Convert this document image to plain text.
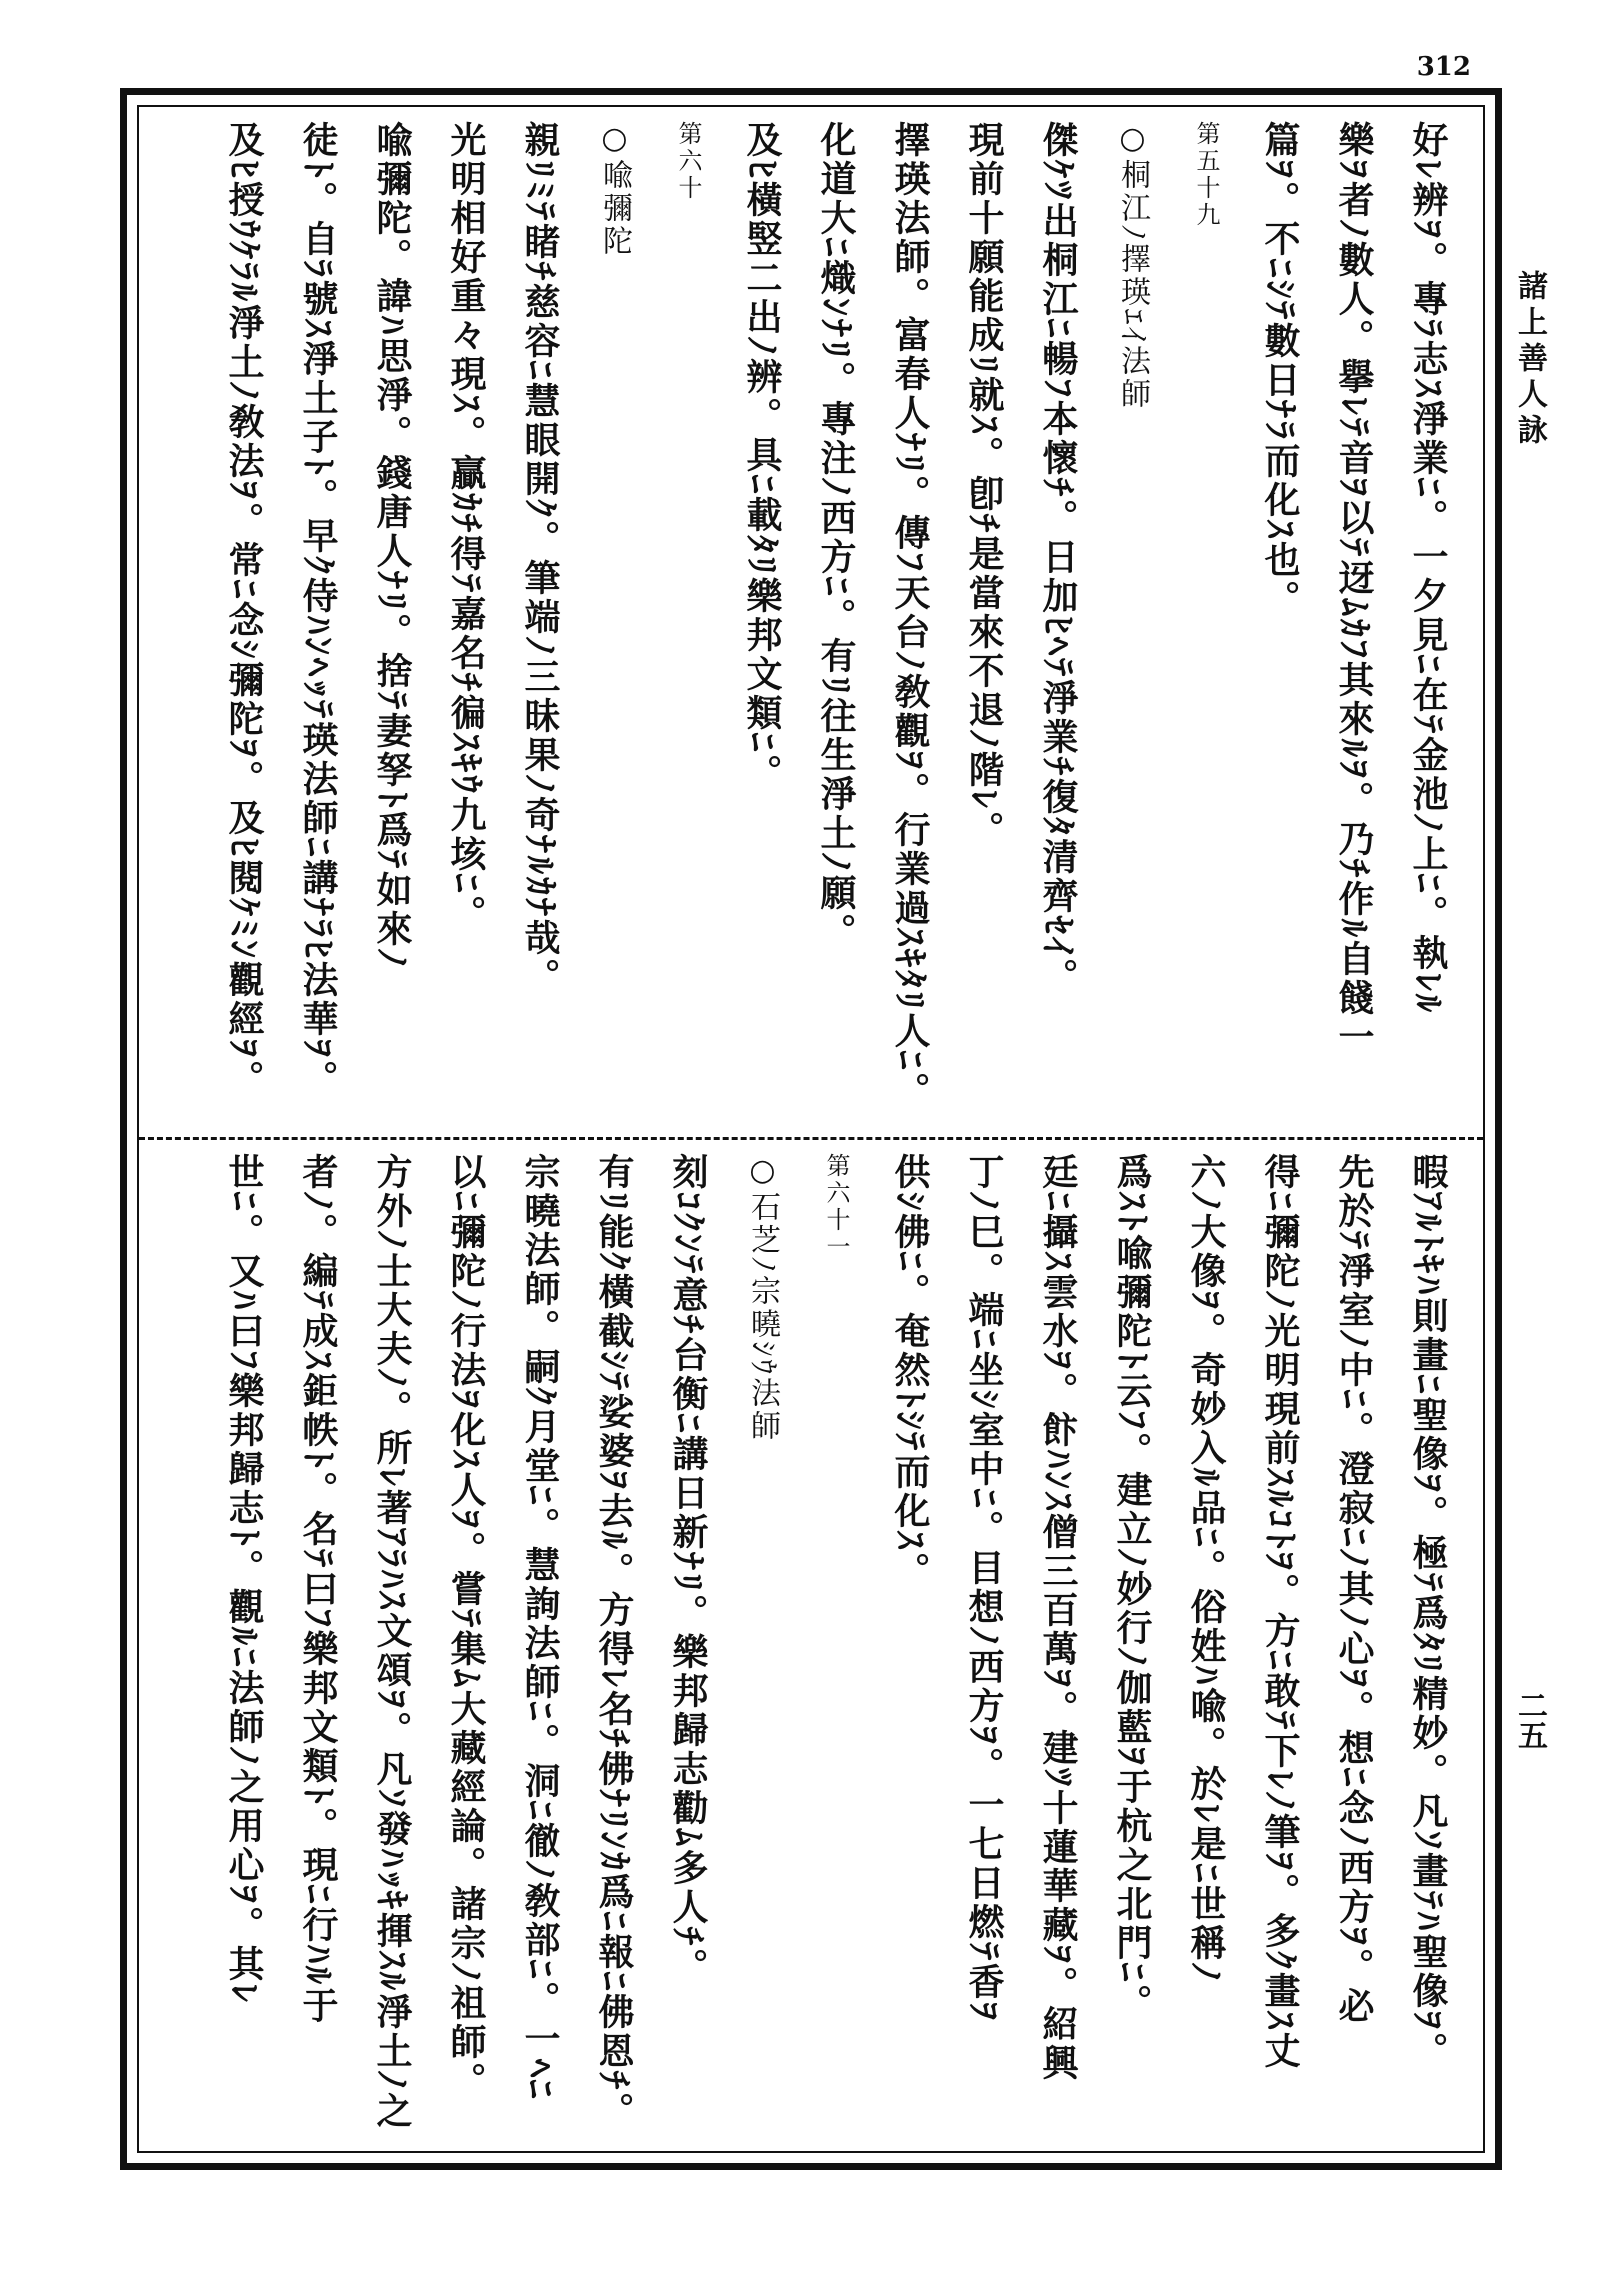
312
好ﾚ辨ｦ。專ﾗ志ｽ淨業ﾆ。一夕見ﾆ在ﾃ金池ﾉ上ﾆ。執ﾚﾙ
樂ｦ者ﾉ數人。擧ﾚﾃ音ｦ以ﾃ迓ﾑｶﾌ其來ﾙｦ。乃ﾁ作ﾙ自餞一
篇ｦ。不ﾆｼﾃ數日ﾅﾗ而化ｽ也。
第五十九
○桐江ﾉ擇瑛ｴｲ法師
傑ｹﾂ出桐江ﾆ暢ﾌ本懷ﾁ。日加ﾋﾍﾃ淨業ﾁ復ﾀ清齊ｾｲ。
現前十願能成ﾘ就ｽ。卽ﾁ是當來不退ﾉ階ﾚ。
擇瑛法師。富春人ﾅﾘ。傳ﾌ天台ﾉ敎觀ｦ。行業過ｽｷﾀﾘ人ﾆ。
化道大ﾆ熾ﾝﾅﾘ。專注ﾉ西方ﾆ。有ﾘ往生淨土ﾉ願。
及ﾋ橫竪二出ﾉ辨。具ﾆ載ﾀﾘ樂邦文類ﾆ。
第六十
○喩彌陀
親ﾘﾐﾃ睹ﾁ慈容ﾆ慧眼開ｸ。筆端ﾉ三昧果ﾉ奇ﾅﾙｶﾅ哉。
光明相好重々現ｽ。贏ｶﾁ得ﾃ嘉名ﾁ徧ｽｷｳ九垓ﾆ。
喩彌陀。諱ﾊ思淨。錢唐人ﾅﾘ。捨ﾃ妻孥ﾄ爲ﾃ如來ﾉ
徒ﾄ。自ﾗ號ｽ淨土子ﾄ。早ｸ侍ﾊﾝﾍｯﾃ瑛法師ﾆ講ﾅﾗﾋ法華ｦ。
及ﾋ授ｳｹﾗﾙ淨土ﾉ敎法ｦ。常ﾆ念ｼ彌陀ｦ。及ﾋ閱ｹﾐﾝ觀經ｦ。
暇ｱﾙﾄｷﾊ則畫ﾆ聖像ｦ。極ﾃ爲ﾀﾘ精妙。凡ｿ畫ﾃﾊ聖像ｦ。
先於ﾃ淨室ﾉ中ﾆ。澄寂ﾆﾉ其ﾉ心ｦ。想ﾆ念ﾉ西方ｦ。必
得ﾆ彌陀ﾉ光明現前ｽﾙｺﾄｦ。方ﾆ敢ﾃ下ﾚﾉ筆ｦ。多ｸ畫ｽ丈
六ﾉ大像ｦ。奇妙入ﾙ品ﾆ。俗姓ﾊ喩。於ﾚ是ﾆ世稱ﾉ
爲ｽﾄ喩彌陀ﾄ云ﾌ。建立ﾉ妙行ﾉ伽藍ｦ于杭之北門ﾆ。
廷ﾆ攝ｽ雲水ｦ。飰ﾊﾝｽ僧三百萬ｦ。建ﾂ十蓮華藏ｦ。紹興
丁ﾉ巳。端ﾆ坐ｼ室中ﾆ。目想ﾉ西方ｦ。一七日燃ﾃ香ｦ
供ｼ佛ﾆ。奄然ﾄｼﾃ而化ｽ。
第六十一
○石芝ﾉ宗曉ｼｳ法師
刻ｺｸﾝﾃ意ﾁ台衡ﾆ講日新ﾅﾘ。樂邦歸志勸ﾑ多人ﾁ。
有ﾘ能ｸ橫截ｼﾃ娑婆ｦ去ﾙ。方得ﾚ名ﾁ佛ﾅﾘﾝｶ爲ﾆ報ﾆ佛恩ﾁ。
宗曉法師。嗣ｸ月堂ﾆ。慧詢法師ﾆ。洞ﾆ徹ﾉ敎部ﾆ。一ﾍﾆ
以ﾆ彌陀ﾉ行法ｦ化ｽ人ｦ。嘗ﾃ集ﾑ大藏經論。諸宗ﾉ祖師。
方外ﾉ士大夫ﾉ。所ﾚ著ｱﾗﾊｽ文頌ｦ。凡ｿ發ﾊｯｷ揮ｽﾙ淨土ﾉ之
者ﾉ。編ﾃ成ｽ鉅帙ﾄ。名ﾃ曰ﾌ樂邦文類ﾄ。現ﾆ行ﾊﾙ于
世ﾆ。又ﾊ曰ﾌ樂邦歸志ﾄ。觀ﾙﾆ法師ﾉ之用心ｦ。其ﾚ
諸上善人詠
二五
